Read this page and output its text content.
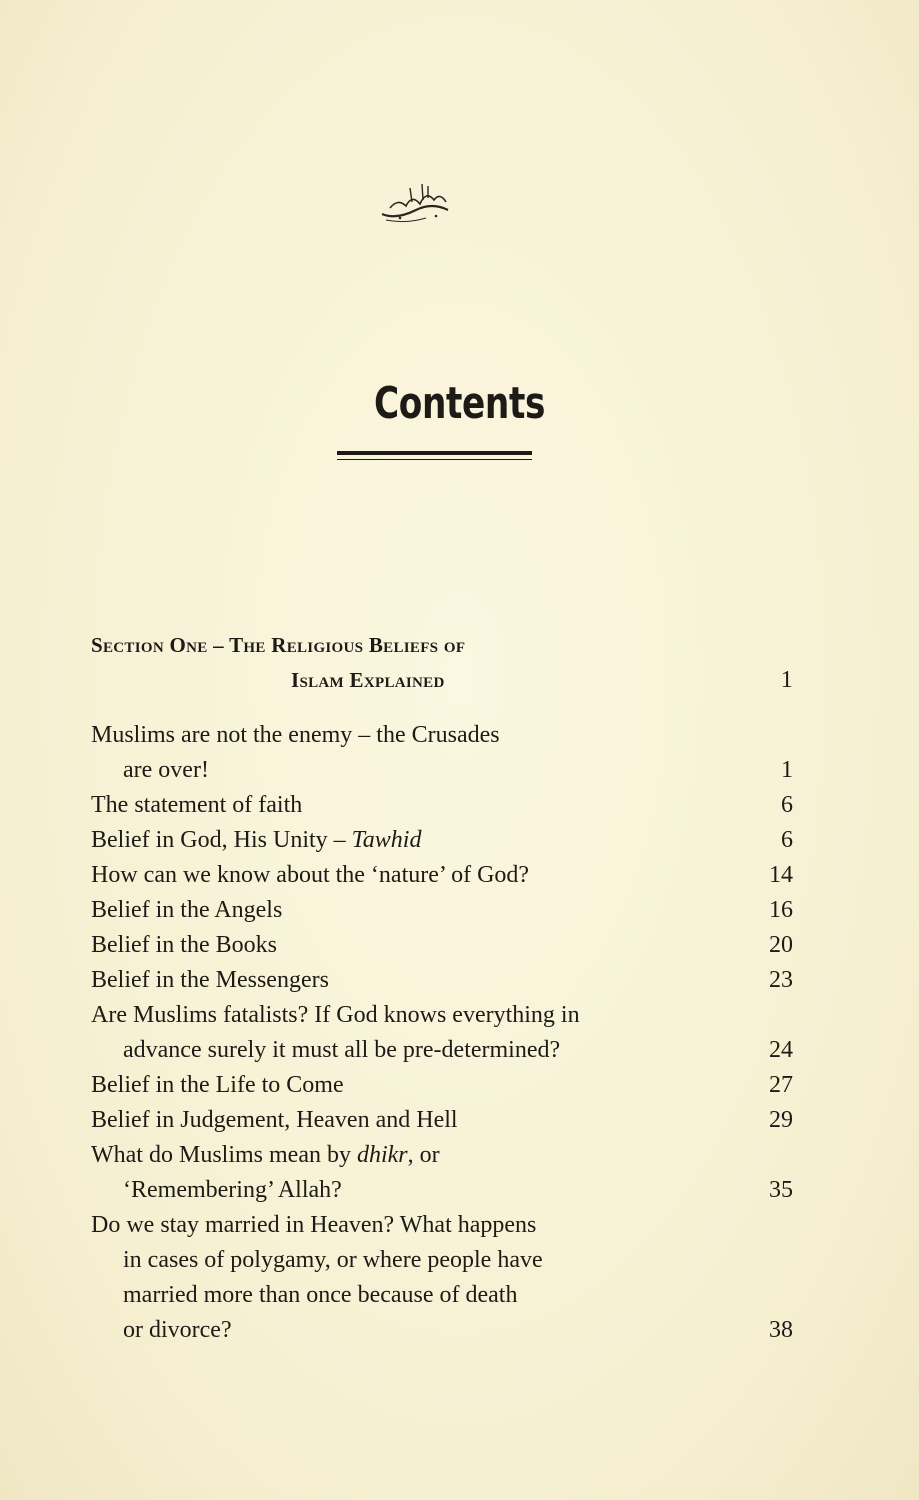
Contents
Section One – The Religious Beliefs of
Islam Explained	1
Muslims are not the enemy – the Crusades
are over!	1
The statement of faith	6
Belief in God, His Unity – Tawhid	6
How can we know about the ‘nature’ of God?	14
Belief in the Angels	16
Belief in the Books	20
Belief in the Messengers	23
Are Muslims fatalists? If God knows everything in
advance surely it must all be pre-determined?	24
Belief in the Life to Come	27
Belief in Judgement, Heaven and Hell	29
What do Muslims mean by dhikr, or
‘Remembering’ Allah?	35
Do we stay married in Heaven? What happens
in cases of polygamy, or where people have
married more than once because of death
or divorce?	38
